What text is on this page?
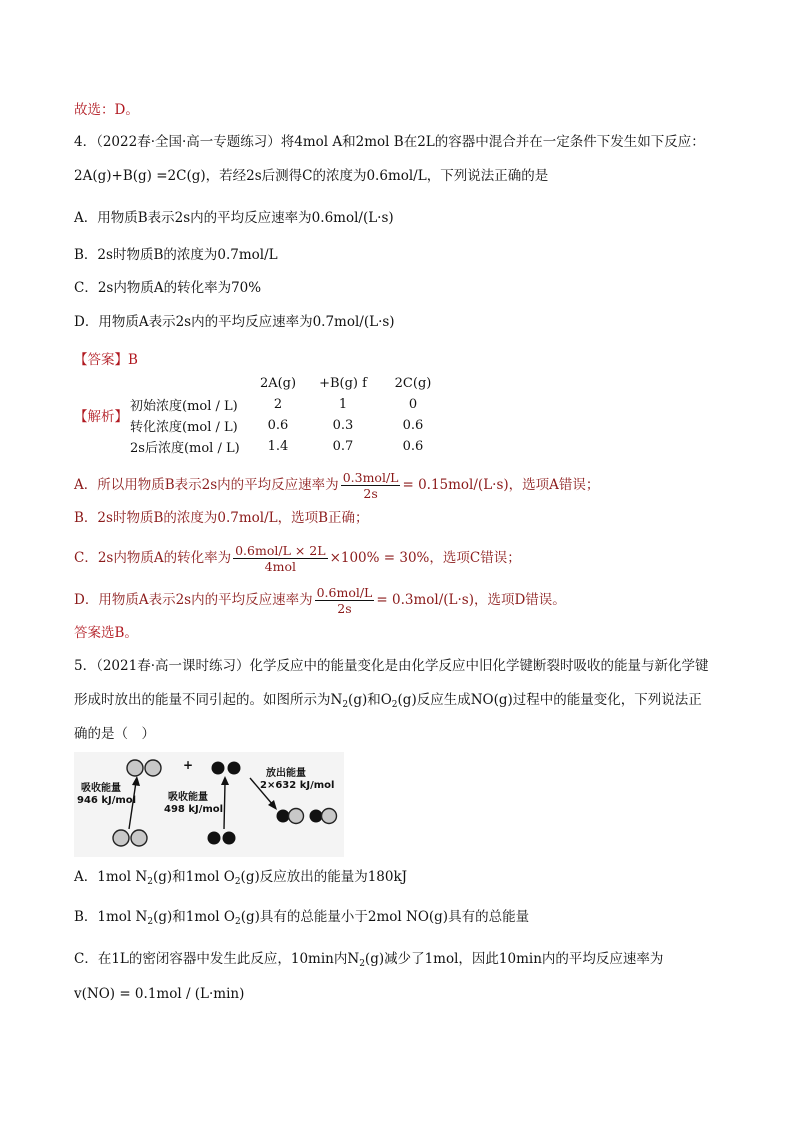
故选：D。
4．（2022春·全国·高一专题练习）将4mol A和2mol B在2L的容器中混合并在一定条件下发生如下反应：
2A(g)+B(g) =2C(g)，若经2s后测得C的浓度为0.6mol/L，下列说法正确的是
A．用物质B表示2s内的平均反应速率为0.6mol/(L·s)
B．2s时物质B的浓度为0.7mol/L
C．2s内物质A的转化率为70%
D．用物质A表示2s内的平均反应速率为0.7mol/(L·s)
【答案】B
【解析】
	2A(g)	+B(g) f	2C(g)
初始浓度(mol / L)	2	1	0
转化浓度(mol / L)	0.6	0.3	0.6
2s后浓度(mol / L)	1.4	0.7	0.6
A．所以用物质B表示2s内的平均反应速率为 $\frac{\text{0.3mol/L}}{2s} = 0.15mol/(L\cdot s)$，选项A错误；
B．2s时物质B的浓度为0.7mol/L，选项B正确；
C．2s内物质A的转化率为 $\frac{\text{0.6mol/L × 2L}}{\text{4mol}} \times 100\% = 30\%$，选项C错误；
D．用物质A表示2s内的平均反应速率为 $\frac{\text{0.6mol/L}}{2s} = 0.3mol/(L\cdot s)$，选项D错误。
答案选B。
5．（2021春·高一课时练习）化学反应中的能量变化是由化学反应中旧化学键断裂时吸收的能量与新化学键
形成时放出的能量不同引起的。如图所示为$N_2(g)$和$O_2(g)$反应生成NO(g)过程中的能量变化，下列说法正
确的是（　）
吸收能量
946 kJ/mol
+
吸收能量
498 kJ/mol
放出能量
2×632 kJ/mol
A．1mol $N_2(g)$和1mol $O_2(g)$反应放出的能量为180kJ
B．1mol $N_2(g)$和1mol $O_2(g)$具有的总能量小于2mol NO(g)具有的总能量
C．在1L的密闭容器中发生此反应，10min内$N_2(g)$减少了1mol，因此10min内的平均反应速率为
v(NO) = 0.1mol / (L·min)
